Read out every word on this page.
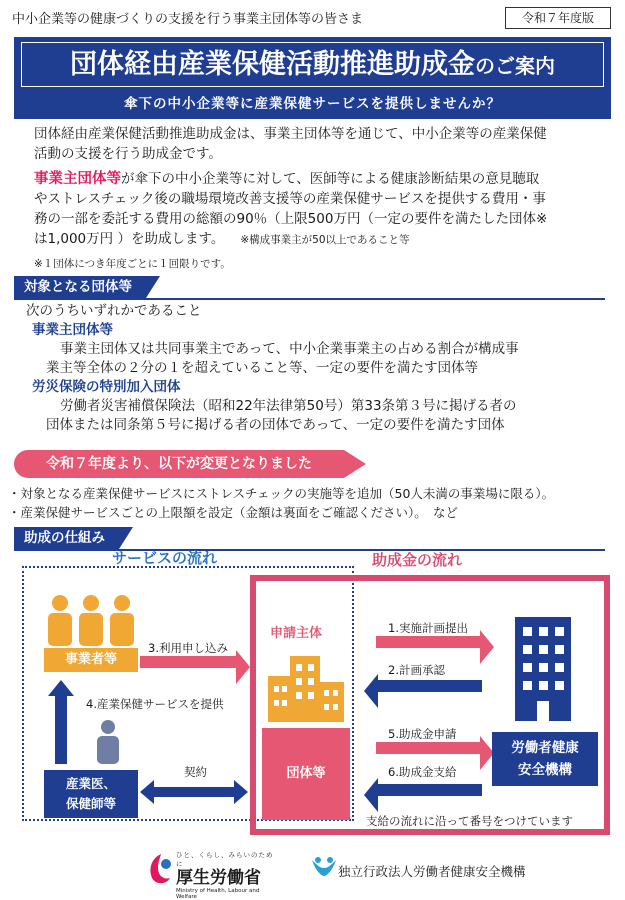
中小企業等の健康づくりの支援を行う事業主団体等の皆さま	令和７年度版
団体経由産業保健活動推進助成金のご案内
傘下の中小企業等に産業保健サービスを提供しませんか？
団体経由産業保健活動推進助成金は、事業主団体等を通じて、中小企業等の産業保健
活動の支援を行う助成金です。
事業主団体等が傘下の中小企業等に対して、医師等による健康診断結果の意見聴取
やストレスチェック後の職場環境改善支援等の産業保健サービスを提供する費用・事
務の一部を委託する費用の総額の90％（上限500万円（一定の要件を満たした団体※
は1,000万円 ）を助成します。 ※構成事業主が50以上であること等
※１団体につき年度ごとに１回限りです。
対象となる団体等
次のうちいずれかであること
事業主団体等
事業主団体又は共同事業主であって、中小企業事業主の占める割合が構成事
業主等全体の２分の１を超えていること等、一定の要件を満たす団体等
労災保険の特別加入団体
労働者災害補償保険法（昭和22年法律第50号）第33条第３号に掲げる者の
団体または同条第５号に掲げる者の団体であって、一定の要件を満たす団体
令和７年度より、以下が変更となりました
・対象となる産業保健サービスにストレスチェックの実施等を追加（50人未満の事業場に限る）。
・産業保健サービスごとの上限額を設定（金額は裏面をご確認ください）。　など
助成の仕組み
サービスの流れ	助成金の流れ
事業者等
3.利用申し込み
4.産業保健サービスを提供
産業医、
保健師等
契約
申請主体
団体等
1.実施計画提出
2.計画承認
5.助成金申請
6.助成金支給
労働者健康
安全機構
支給の流れに沿って番号をつけています
ひと、くらし、みらいのために
厚生労働省
Ministry of Health, Labour and Welfare
独立行政法人労働者健康安全機構
